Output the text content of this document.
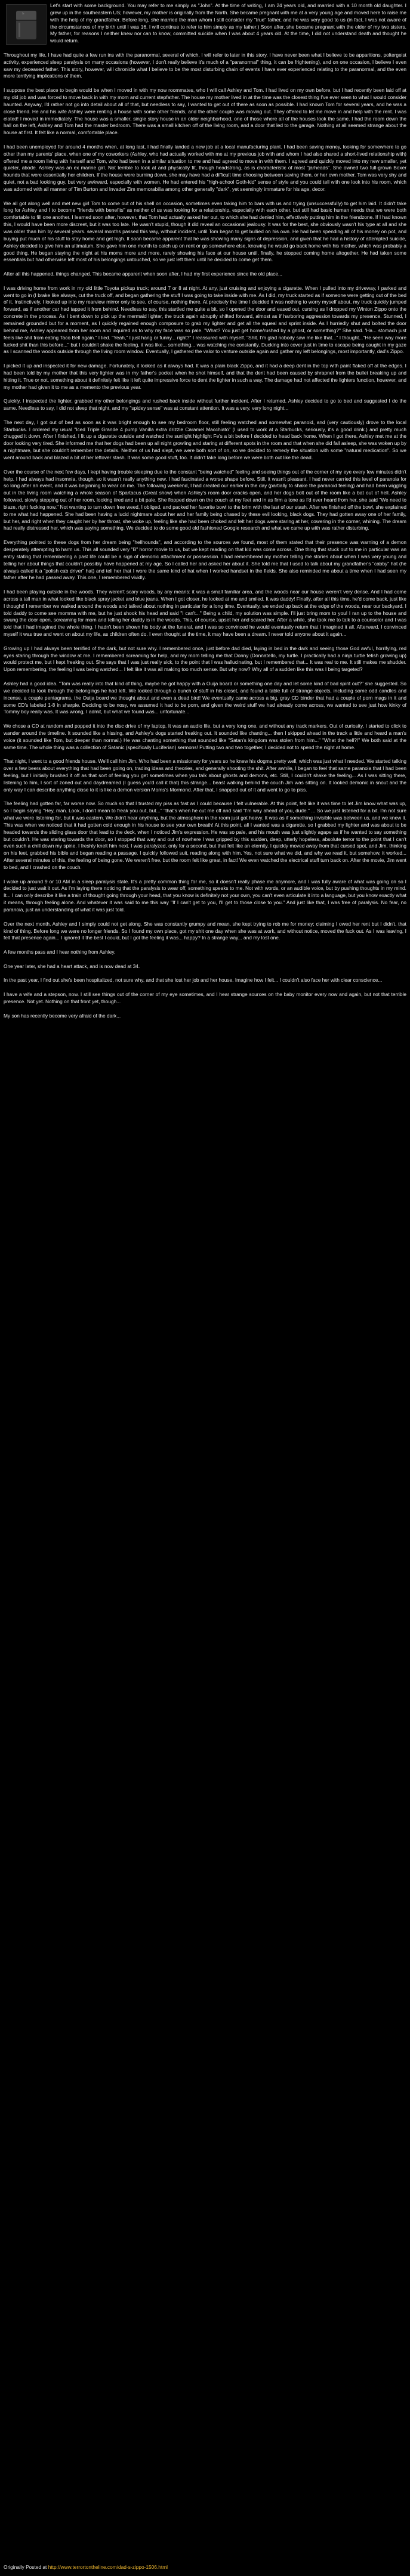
Let's start with some background. You may refer to me simply as "John". At the time of writing, I am 24 years old, and married with a 10 month old daughter. I grew up in the southeastern US; however, my mother is originally from the North. She became pregnant with me at a very young age and moved here to raise me with the help of my grandfather. Before long, she married the man whom I still consider my "true" father, and he was very good to us (in fact, I was not aware of the circumstances of my birth until I was 16. I will continue to refer to him simply as my father.) Soon after, she became pregnant with the older of my two sisters. My father, for reasons I neither knew nor can to know, committed suicide when I was about 4 years old. At the time, I did not understand death and thought he would return.

Throughout my life, I have had quite a few run ins with the paranormal, several of which, I will refer to later in this story. I have never been what I believe to be apparitions, poltergeist activity, experienced sleep paralysis on many occasions (however, I don't really believe it's much of a "paranormal" thing, it can be frightening), and on one occasion, I believe I even saw my deceased father. This story, however, will chronicle what I believe to be the most disturbing chain of events I have ever experienced relating to the paranormal, and the even more terrifying implications of them.

I suppose the best place to begin would be when I moved in with my now roommates, who I will call Ashley and Tom. I had lived on my own before, but I had recently been laid off at my old job and was forced to move back in with my mom and current stepfather. The house my mother lived in at the time was the closest thing I've ever seen to what I would consider haunted. Anyway, I'd rather not go into detail about all of that, but needless to say, I wanted to get out of there as soon as possible. I had known Tom for several years, and he was a close friend. He and his wife Ashley were renting a house with some other friends, and the other couple was moving out. They offered to let me move in and help with the rent. I was elated! I moved in immediately. The house was a smaller, single story house in an older neighborhood, one of those where all of the houses look the same. I had the room down the hall on the left, Ashley and Tom had the master bedroom. There was a small kitchen off of the living room, and a door that led to the garage. Nothing at all seemed strange about the house at first. It felt like a normal, comfortable place.

I had been unemployed for around 4 months when, at long last, I had finally landed a new job at a local manufacturing plant. I had been saving money, looking for somewhere to go other than my parents' place, when one of my coworkers (Ashley, who had actually worked with me at my previous job with and whom I had also shared a short-lived relationship with) offered me a room living with herself and Tom, who had been in a similar situation to me and had agreed to move in with them. I agreed and quickly moved into my new smaller, yet quieter, abode. Ashley was an ex marine girl. Not terrible to look at and physically fit, though headstrong, as is characteristic of most "jarheads". She owned two full-grown Boxer hounds that were essentially her children. If the house were burning down, she may have had a difficult time choosing between saving them, or her own mother. Tom was very shy and quiet, not a bad looking guy, but very awkward, especially with women. He had entered his "high-school Goth-kid" sense of style and you could tell with one look into his room, which was adorned with all manner of Tim Burton and Invader Zim memorabilia among other generally "dark", yet seemingly immature for his age, decor.

We all got along well and met new girl Tom to come out of his shell on occasion, sometimes even taking him to bars with us and trying (unsuccessfully) to get him laid. It didn't take long for Ashley and I to become "friends with benefits" as neither of us was looking for a relationship, especially with each other, but still had basic human needs that we were both comfortable to fill one another. I learned soon after, however, that Tom had actually asked her out, to which she had denied him, effectively putting him in the friendzone. If I had known this, I would have been more discreet, but it was too late. He wasn't stupid, though it did reveal an occasional jealousy. It was for the best, she obviously wasn't his type at all and she was older than him by several years. several months passed this way, without incident, until Tom began to get bullied on his own. He had been spending all of his money on pot, and buying put much of his stuff to stay home and get high. It soon became apparent that he was showing many signs of depression, and given that he had a history of attempted suicide, Ashley decided to give him an ultimatum. She gave him one month to catch up on rent or go somewhere else, knowing he would go back home with his mother, which was probably a good thing. He began staying the night at his moms more and more, rarely showing his face at our house until, finally, he stopped coming home altogether. He had taken some essentials but had otherwise left most of his belongings untouched, so we just left them until he decided to come get them.

After all this happened, things changed. This became apparent when soon after, I had my first experience since the old place...

I was driving home from work in my old little Toyota pickup truck; around 7 or 8 at night. At any, just cruising and enjoying a cigarette. When I pulled into my driveway, I parked and went to go in (I brake like always, cut the truck off, and began gathering the stuff I was going to take inside with me. As I did, my truck started as if someone were getting out of the bed of it. Instinctively, I looked up into my rearview mirror only to see, of course, nothing there. At precisely the time I decided it was nothing to worry myself about, my truck quickly jumped forward, as if another car had tapped it from behind. Needless to say, this startled me quite a bit, so I opened the door and eased out, cursing as I dropped my Winton Zippo onto the concrete in the process. As I bent down to pick up the mermaid lighter, the truck again abruptly shifted forward, almost as if harboring aggression towards my presence. Stunned, I remained grounded but for a moment, as I quickly regained enough composure to grab my lighter and get all the squeal and sprint inside. As I hurriedly shut and bolted the door behind me, Ashley appeared from her room and inquired as to why my face was so pale. "What? You just get home/rushed by a ghost, or something?" She said. 'Ha... stomach just feels like shit from eating Taco Bell again." I lied. "Yeah," I just hang or funny... right?" I reassured with myself. "Shit. I'm glad nobody saw me like that..." I thought..."He seen way more fucked shit than this before..." but I couldn't shake the feeling, it was like... something... was watching me constantly. Ducking into cover just in time to escape being caught in my gaze as I scanned the woods outside through the living room window. Eventually, I gathered the valor to venture outside again and gather my left belongings, most importantly, dad's Zippo.

I picked it up and inspected it for new damage. Fortunately, it looked as it always had. It was a plain black Zippo, and it had a deep dent in the top with paint flaked off at the edges. I had been told by my mother that this very lighter was in my father's pocket when he shot himself, and that the dent had been caused by shrapnel from the bullet breaking up and hitting it. True or not, something about it definitely felt like it left quite impressive force to dent the lighter in such a way. The damage had not affected the lighters function, however, and my mother had given it to me as a memento the previous year.

Quickly, I inspected the lighter, grabbed my other belongings and rushed back inside without further incident. After I returned, Ashley decided to go to bed and suggested I do the same. Needless to say, I did not sleep that night, and my "spidey sense" was at constant attention. It was a very, very long night...

The next day, I got out of bed as soon as it was bright enough to see my bedroom floor, still feeling watched and somewhat paranoid, and (very cautiously) drove to the local Starbucks. I ordered my usual "Iced Triple Grande 4 pump Vanilla extra drizzle Caramel Macchiato" (I used to work at a Starbucks, seriously, it's a good drink.) and pretty much chugged it down. After I finished, I lit up a cigarette outside and watched the sunlight highlight Fe's a bit before I decided to head back home. When I got there, Ashley met me at the door looking very tired. She informed me that her dogs had been up all night growling and staring at different spots in the room and that when she did fall asleep, she was woken up by a nightmare, but she couldn't remember the details. Neither of us had slept, we were both sort of on, so we decided to remedy the situation with some "natural medication". So we went around back and blazed a bit of her leftover stash. It was some good stuff, too. It didn't take long before we were both out like the dead.

Over the course of the next few days, I kept having trouble sleeping due to the constant "being watched" feeling and seeing things out of the corner of my eye every few minutes didn't help. I had always had insomnia, though, so it wasn't really anything new. I had fascinated a worse shape before. Still, it wasn't pleasant. I had never carried this level of paranoia for so long after an event, and it was beginning to wear on me. The following weekend, I had created our earlier in the day (partially to shake the paranoid feeling) and had been wiggling out in the living room watching a whole season of Spartacus (Great show) when Ashley's room door cracks open, and her dogs bolt out of the room like a bat out of hell. Ashley followed, slowly stepping out of her room, looking tired and a bit pale. She flopped down on the couch at my feet and in as firm a tone as I'd ever heard from her, she said "We need to blaze, right fucking now." Not wanting to turn down free weed, I obliged, and packed her favorite bowl to the brim with the last of our stash. After we finished off the bowl, she explained to me what had happened. She had been having a lucid nightmare about her and her family being chased by these evil looking, black dogs. They had gotten away one of her family, but her, and right when they caught her by her throat, she woke up, feeling like she had been choked and felt her dogs were staring at her, cowering in the corner, whining. The dream had really distressed her, which was saying something. We decided to do some good old fashioned Google research and what we came up with was rather disturbing.

Everything pointed to these dogs from her dream being "hellhounds", and according to the sources we found, most of them stated that their presence was warning of a demon desperately attempting to harm us. This all sounded very "B" horror movie to us, but we kept reading on that kid was come across. One thing that stuck out to me in particular was an entry stating that remembering a past life could be a sign of demonic attachment or possession. I had remembered my mother telling me stories about when I was very young and telling her about things that couldn't possibly have happened at my age. So I called her and asked her about it. She told me that I used to talk about my grandfather's "cabby" hat (he always called it a "polish cab driver" hat) and tell her that I wore the same kind of hat when I worked handset in the fields. She also reminded me about a time when I had seen my father after he had passed away. This one, I remembered vividly.

I had been playing outside in the woods. They weren't scary woods, by any means: it was a small familiar area, and the woods near our house weren't very dense. And I had come across a tall man in what looked like black spray jacket and blue jeans. When I got closer, he looked at me and smiled. It was daddy! Finally, after all this time, he'd come back, just like I thought! I remember we walked around the woods and talked about nothing in particular for a long time. Eventually, we ended up back at the edge of the woods, near our backyard. I told daddy to come see momma with me, but he just shook his head and said "I can't..." Being a child, my solution was simple. I'll just bring mom to you! I ran up to the house and swung the door open, screaming for mom and telling her daddy is in the woods. This, of course, upset her and scared her. After a while, she took me to talk to a counselor and I was told that I had imagined the whole thing. I hadn't been shown his body at the funeral, and I was so convinced he would eventually return that I imagined it all. Afterward, I convinced myself it was true and went on about my life, as children often do. I even thought at the time, it may have been a dream. I never told anyone about it again...

Growing up I had always been terrified of the dark, but not sure why. I remembered once, just before dad died, laying in bed in the dark and seeing those God awful, horrifying, red eyes staring through the window at me. I remembered screaming for help, and my mom telling me that Donny (Donnatello, my turtle. I practically had a ninja turtle fetish growing up) would protect me, but I kept freaking out. She says that I was just really sick, to the point that I was hallucinating, but I remembered that... It was real to me. It still makes me shudder. Upon remembering, the feeling I was being watched... I felt like it was all making too much sense. But why now? Why all of a sudden like this was I being targeted?

Ashley had a good idea. "Tom was really into that kind of thing, maybe he got happy with a Ouija board or something one day and let some kind of bad spirit out?" she suggested. So we decided to look through the belongings he had left. We looked through a bunch of stuff in his closet, and found a table full of strange objects, including some odd candles and incense, a couple pentagrams, the Ouija board we thought about and even a dead bird! We eventually came across a big, gray CD binder that had a couple of porn mags in it and some CD's labeled 1-8 in sharpie. Deciding to be nosy, we assumed it had to be porn, and given the weird stuff we had already come across, we wanted to see just how kinky of Tommy boy really was. It was wrong, I admit, but what we found was... unfortunate...

We chose a CD at random and popped it into the disc drive of my laptop. It was an audio file, but a very long one, and without any track markers. Out of curiosity, I started to click to wander around the timeline. It sounded like a hissing, and Ashley's dogs started freaking out. It sounded like chanting... then I skipped ahead in the track a little and heard a man's voice (it sounded like Tom, but deeper than normal.) He was chanting something that sounded like "Satan's kingdom was stolen from him..." "What the hell?!" We both said at the same time. The whole thing was a collection of Satanic (specifically Luciferian) sermons! Putting two and two together, I decided not to spend the night at home.

That night, I went to a good friends house. We'll call him Jim. Who had been a missionary for years so he knew his dogma pretty well, which was just what I needed. We started talking over a few beers about everything that had been going on, trading ideas and theories, and generally shooting the shit. After awhile, I began to feel that same paranoia that I had been feeling, but I initially brushed it off as that sort of feeling you get sometimes when you talk about ghosts and demons, etc. Still, I couldn't shake the feeling... As I was sitting there, listening to him, I sort of zoned out and daydreamed (I guess you'd call it that) this strange... beast walking behind the couch Jim was sitting on. It looked demonic in snout and the only way I can describe anything close to it is like a demon version Moms's Mormond. After that, I snapped out of it and went to go to piss.

The feeling had gotten far, far worse now. So much so that I trusted my piss as fast as I could because I felt vulnerable. At this point, felt like it was time to let Jim know what was up, so I begin saying "Hey, man. Look, I don't mean to freak you out, but..." "that's when he cut me off and said "I'm way ahead of you, dude." ... So we just listened for a bit. I'm not sure what we were listening for, but it was eastern. We didn't hear anything, but the atmosphere in the room just got heavy. It was as if something invisible was between us, and we knew it. This was when we noticed that it had gotten cold enough in his house to see your own breath! At this point, all I wanted was a cigarette, so I grabbed my lighter and was about to be headed towards the sliding glass door that lead to the deck, when I noticed Jim's expression. He was so pale, and his mouth was just slightly agape as if he wanted to say something but couldn't. He was staring towards the door, so I stopped that way and out of nowhere I was gripped by this sudden, deep, utterly hopeless, absolute terror to the point that I can't even such a chill down my spine. I freshly knelt him next. I was paralyzed, only for a second, but that felt like an eternity. I quickly moved away from that cursed spot, and Jim, thinking on his feet, grabbed his bible and began reading a passage. I quickly followed suit, reading along with him. Yes, not sure what we did, and why we read it, but somehow, it worked... After several minutes of this, the feeling of being gone. We weren't free, but the room felt like great, in fact! We even watched the electrical stuff turn back on. After the movie, Jim went to bed, and I crashed on the couch.

I woke up around 9 or 10 AM in a sleep paralysis state. It's a pretty common thing for me, so it doesn't really phase me anymore, and I was fully aware of what was going on so I decided to just wait it out. As I'm laying there noticing that the paralysis to wear off, something speaks to me. Not with words, or an audible voice, but by pushing thoughts in my mind. It... I can only describe it like a train of thought going through your head, that you know is definitely not your own, you can't even articulate it into a language, but you know exactly what it means, through feeling alone. And whatever it was said to me this way "If I can't get to you, I'll get to those close to you." And just like that, I was free of paralysis. No fear, no paranoia, just an understanding of what it was just told.

Over the next month, Ashley and I simply could not get along. She was constantly grumpy and mean, she kept trying to rob me for money; claiming I owed her rent but I didn't, that kind of thing. Before long we were no longer friends. So I found my own place, got my shit one day when she was at work, and without notice, moved the fuck out. As I was leaving, I felt that presence again... I ignored it the best I could, but I got the feeling it was... happy? In a strange way... and my lost one.

A few months pass and I hear nothing from Ashley.

One year later, she had a heart attack, and is now dead at 34.

In the past year, I find out she's been hospitalized, not sure why, and that she lost her job and her house. Imagine how I felt... I couldn't also face her with clear conscience...

I have a wife and a stepson, now. I still see things out of the corner of my eye sometimes, and I hear strange sources on the baby monitor every now and again, but not that terrible presence. Not yet. Nothing on that front yet, though...

My son has recently become very afraid of the dark...

Originally Posted at http://www.terrortontheline.com/dad-s-zippo-1506.html
